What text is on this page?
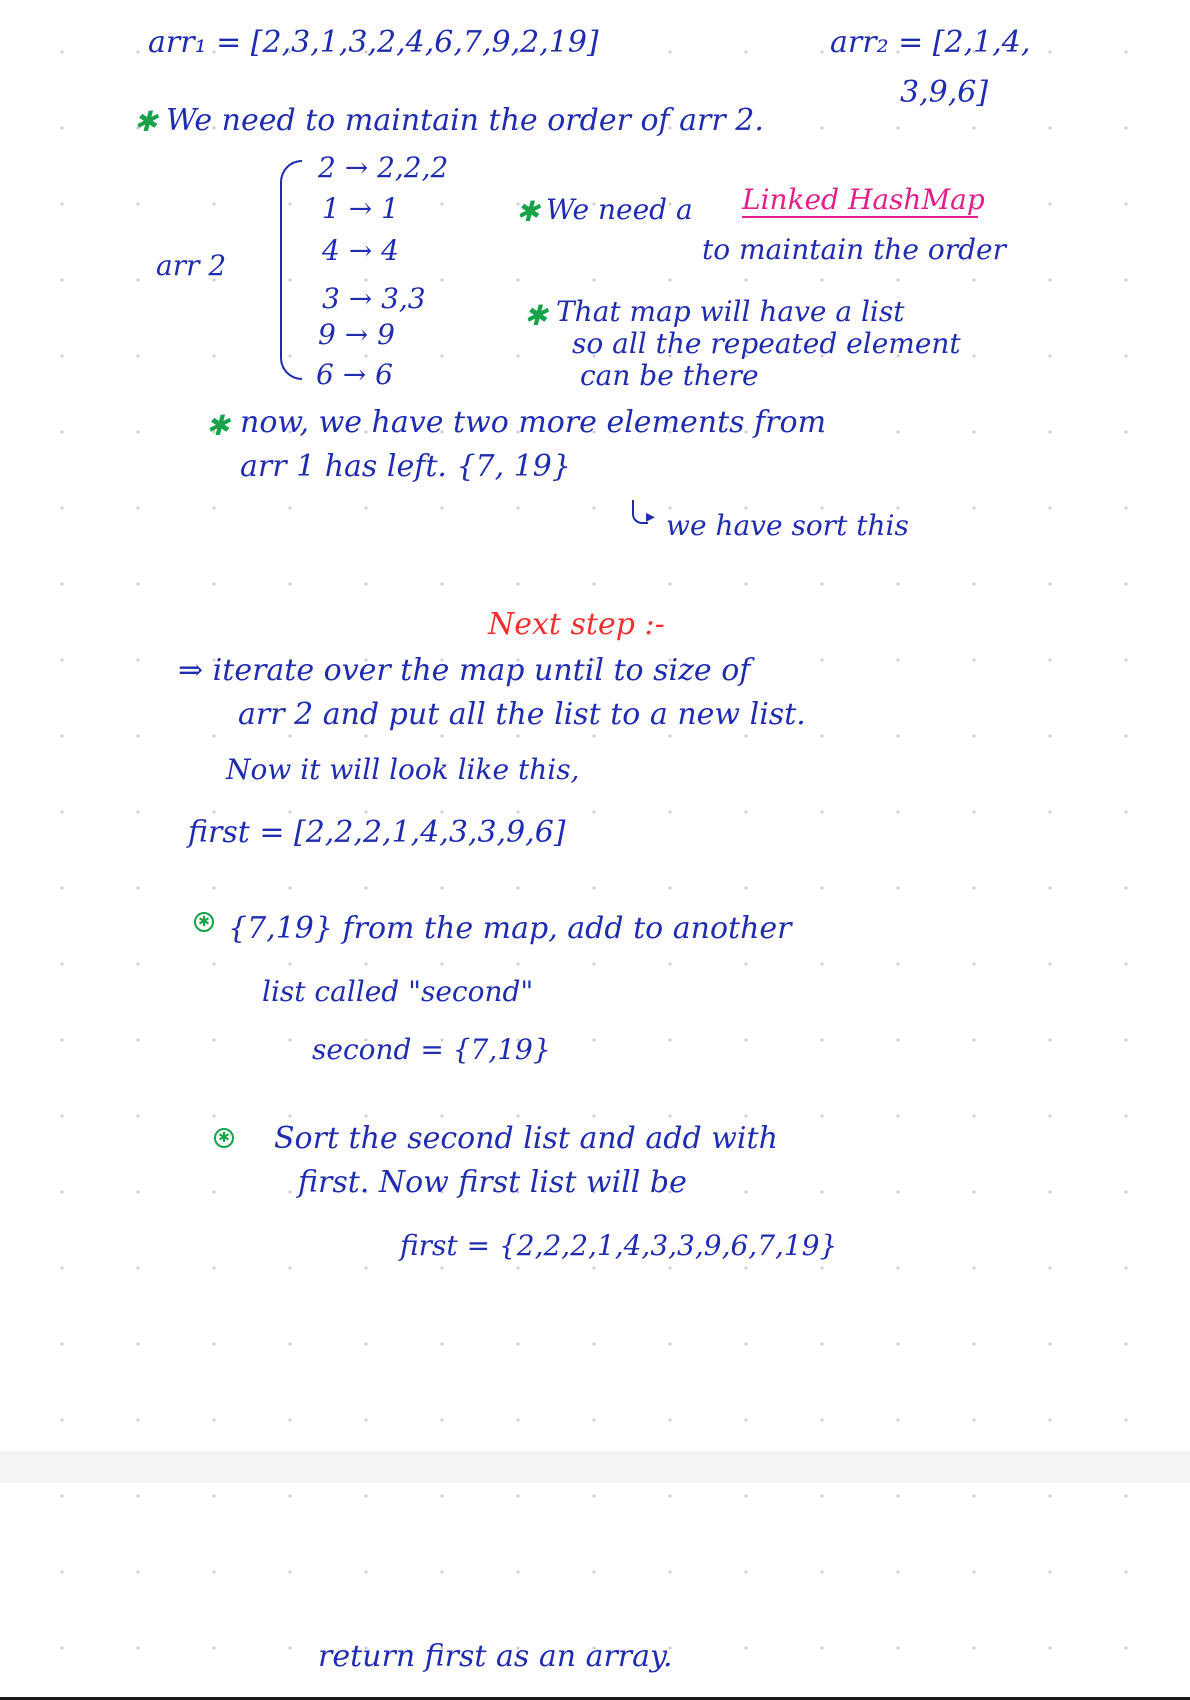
arr₁ = [2,3,1,3,2,4,6,7,9,2,19]	arr₂ = [2,1,4,
3,9,6]
✱ We need to maintain the order of arr 2.
arr 2
2 → 2,2,2
1 → 1
4 → 4
3 → 3,3
9 → 9
6 → 6
✱ We need a Linked HashMap
to maintain the order
✱ That map will have a list
so all the repeated element
can be there
✱ now, we have two more elements from
arr 1 has left. {7, 19}
▸ we have sort this
Next step :-
⇒ iterate over the map until to size of
arr 2 and put all the list to a new list.
Now it will look like this,
first = [2,2,2,1,4,3,3,9,6]
✱ {7,19} from the map, add to another
list called "second"
second = {7,19}
✱ Sort the second list and add with
first. Now first list will be
first = {2,2,2,1,4,3,3,9,6,7,19}
return first as an array.
